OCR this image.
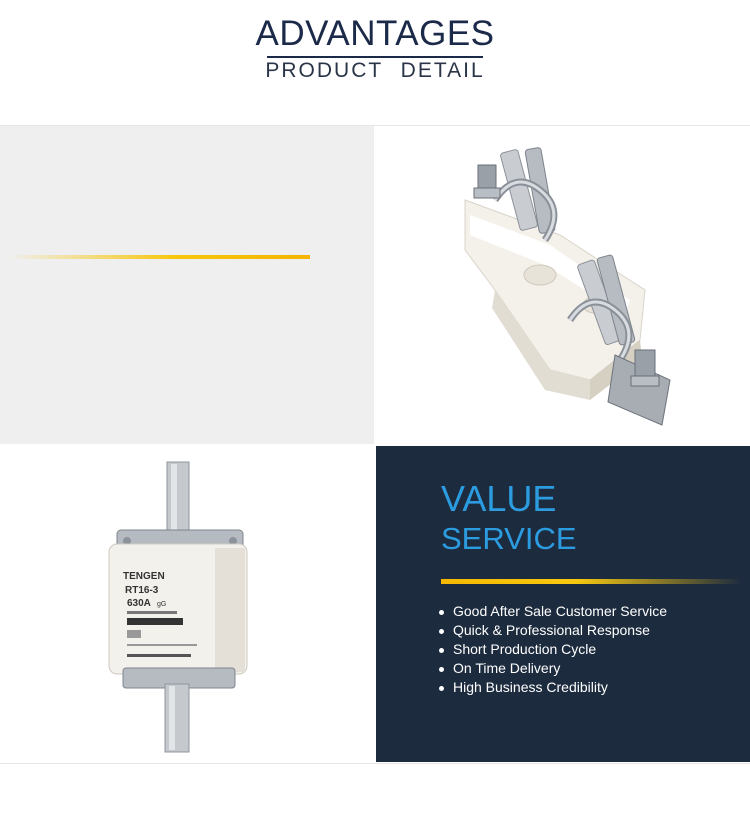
ADVANTAGES
PRODUCT DETAIL
TENGEN
RT16-3
630A gG
VALUE
SERVICE
Good After Sale Customer Service
Quick & Professional Response
Short Production Cycle
On Time Delivery
High Business Credibility
